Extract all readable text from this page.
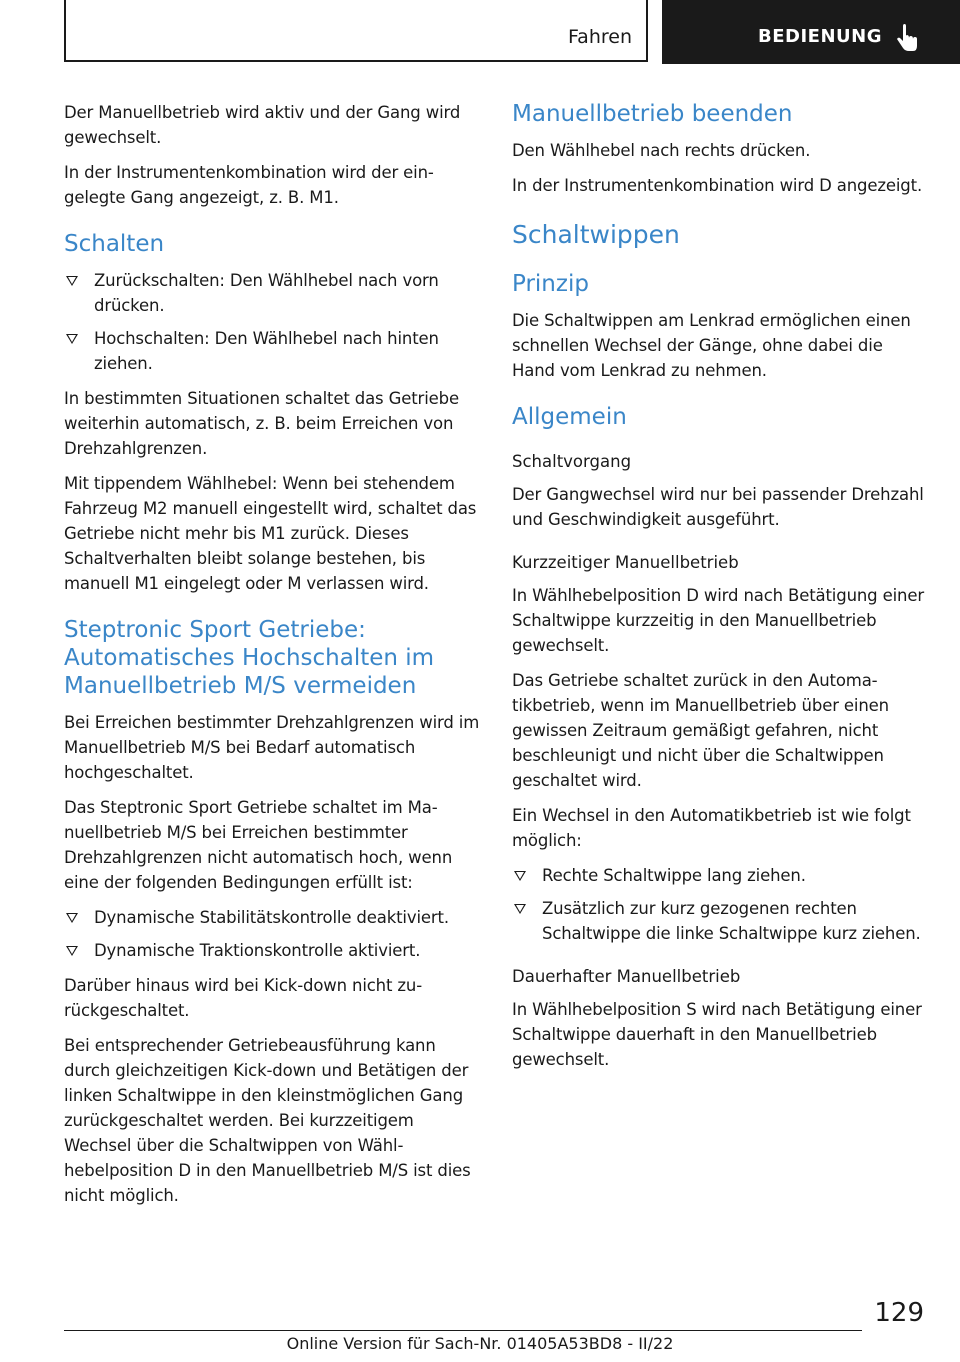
Fahren	BEDIENUNG

Der Manuellbetrieb wird aktiv und der Gang wird gewechselt.

In der Instrumentenkombination wird der eingelegte Gang angezeigt, z. B. M1.

Schalten
Zurückschalten: Den Wählhebel nach vorn drücken.
Hochschalten: Den Wählhebel nach hinten ziehen.

In bestimmten Situationen schaltet das Getriebe weiterhin automatisch, z. B. beim Erreichen von Drehzahlgrenzen.

Mit tippendem Wählhebel: Wenn bei stehendem Fahrzeug M2 manuell eingestellt wird, schaltet das Getriebe nicht mehr bis M1 zurück. Dieses Schaltverhalten bleibt solange bestehen, bis manuell M1 eingelegt oder M verlassen wird.

Steptronic Sport Getriebe: Automatisches Hochschalten im Manuellbetrieb M/S vermeiden

Bei Erreichen bestimmter Drehzahlgrenzen wird im Manuellbetrieb M/S bei Bedarf automatisch hochgeschaltet.

Das Steptronic Sport Getriebe schaltet im Manuellbetrieb M/S bei Erreichen bestimmter Drehzahlgrenzen nicht automatisch hoch, wenn eine der folgenden Bedingungen erfüllt ist:

Dynamische Stabilitätskontrolle deaktiviert.
Dynamische Traktionskontrolle aktiviert.

Darüber hinaus wird bei Kick-down nicht zurückgeschaltet.

Bei entsprechender Getriebeausführung kann durch gleichzeitigen Kick-down und Betätigen der linken Schaltwippe in den kleinstmöglichen Gang zurückgeschaltet werden. Bei kurzzeitigem Wechsel über die Schaltwippen von Wählhebelposition D in den Manuellbetrieb M/S ist dies nicht möglich.

Manuellbetrieb beenden

Den Wählhebel nach rechts drücken.

In der Instrumentenkombination wird D angezeigt.

Schaltwippen
Prinzip

Die Schaltwippen am Lenkrad ermöglichen einen schnellen Wechsel der Gänge, ohne dabei die Hand vom Lenkrad zu nehmen.

Allgemein
Schaltvorgang

Der Gangwechsel wird nur bei passender Drehzahl und Geschwindigkeit ausgeführt.

Kurzzeitiger Manuellbetrieb

In Wählhebelposition D wird nach Betätigung einer Schaltwippe kurzzeitig in den Manuellbetrieb gewechselt.

Das Getriebe schaltet zurück in den Automatikbetrieb, wenn im Manuellbetrieb über einen gewissen Zeitraum gemäßigt gefahren, nicht beschleunigt und nicht über die Schaltwippen geschaltet wird.

Ein Wechsel in den Automatikbetrieb ist wie folgt möglich:

Rechte Schaltwippe lang ziehen.
Zusätzlich zur kurz gezogenen rechten Schaltwippe die linke Schaltwippe kurz ziehen.
Dauerhafter Manuellbetrieb

In Wählhebelposition S wird nach Betätigung einer Schaltwippe dauerhaft in den Manuellbetrieb gewechselt.

129
Online Version für Sach-Nr. 01405A53BD8 - II/22
